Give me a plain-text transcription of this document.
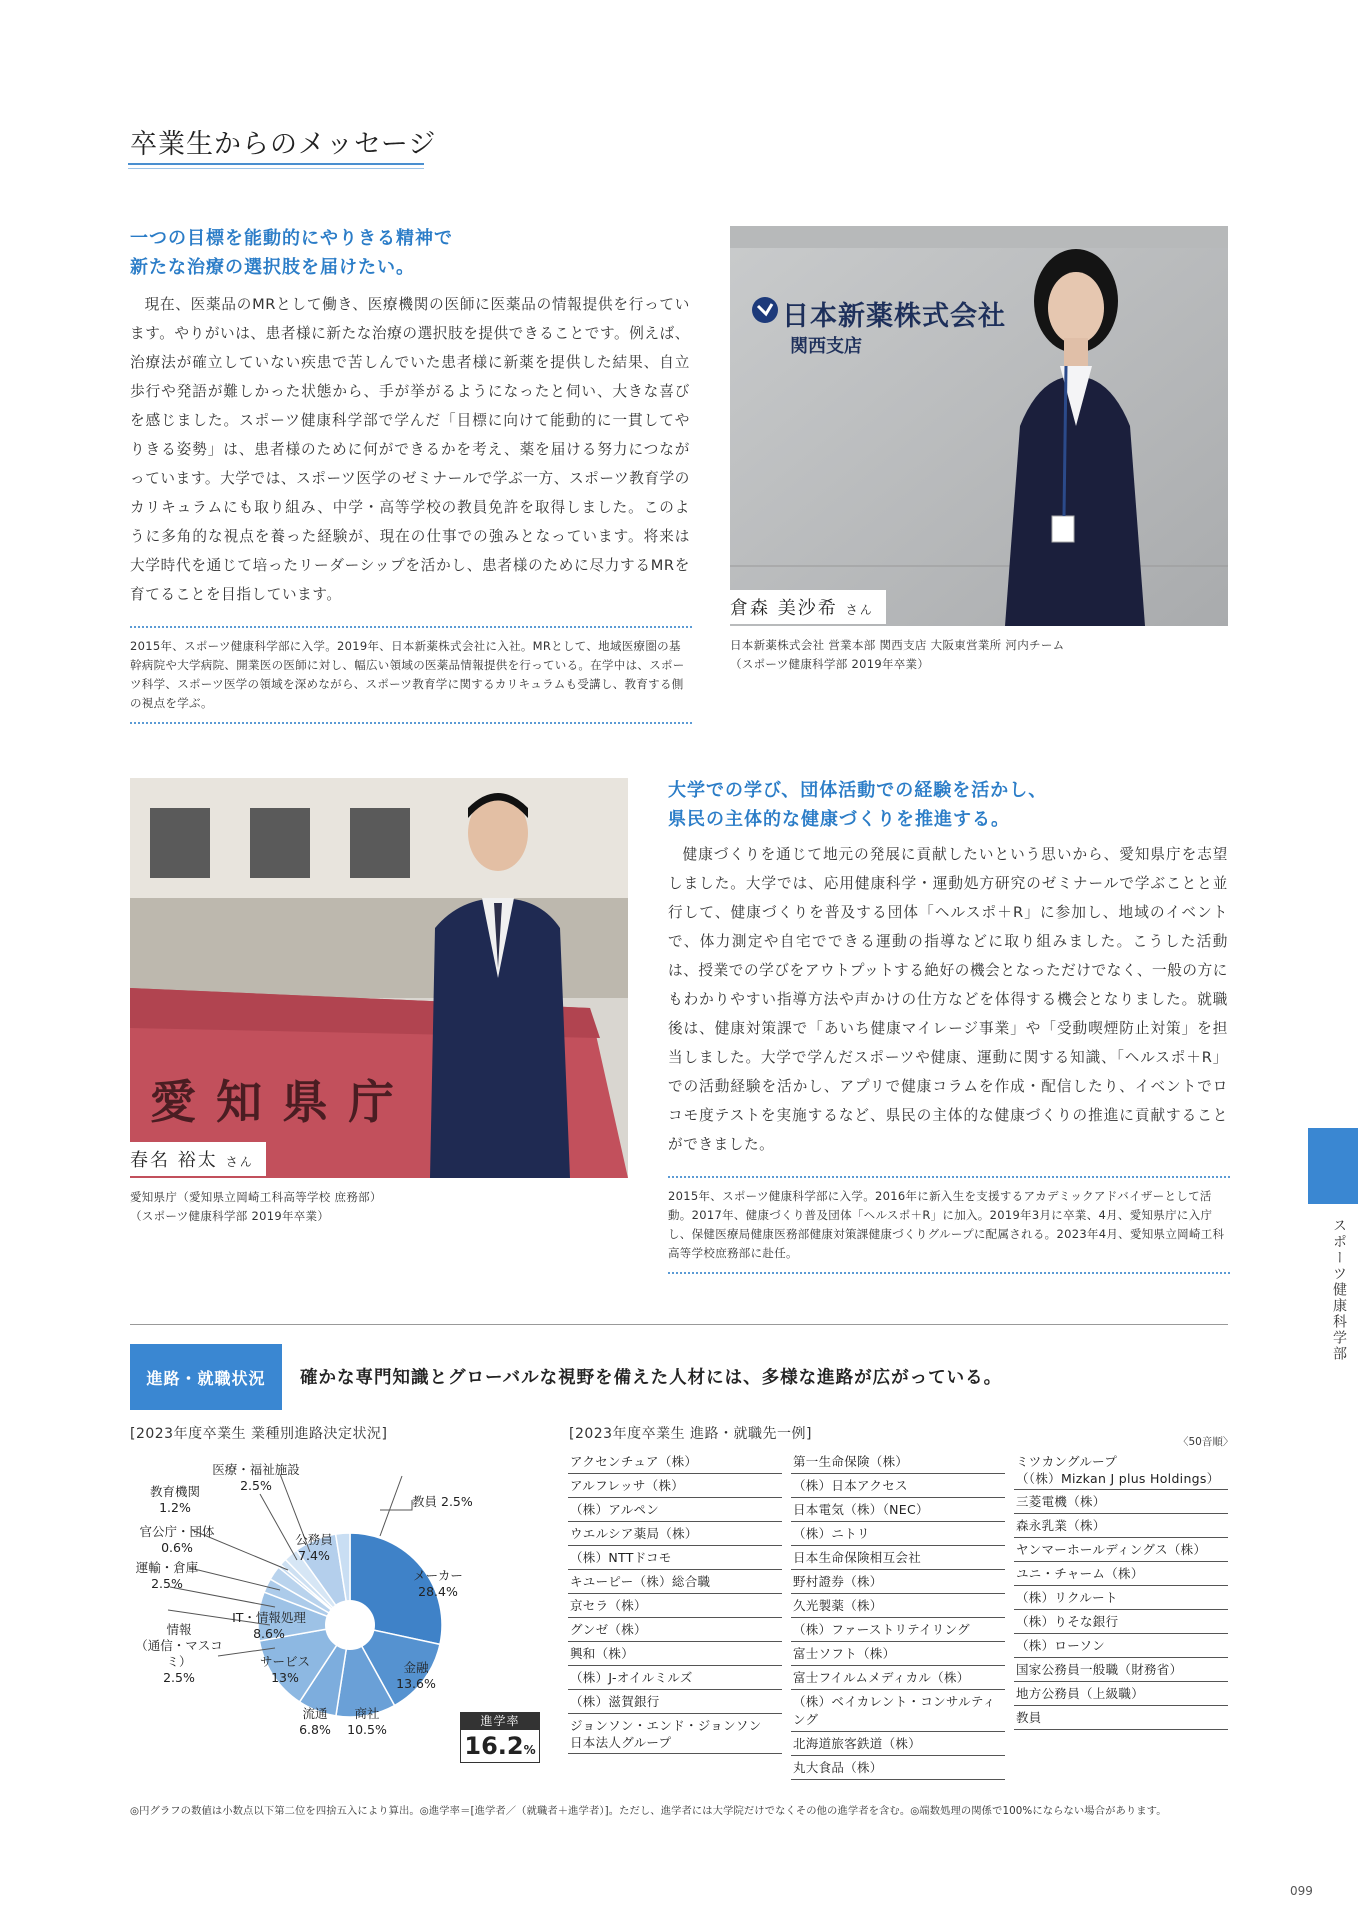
卒業生からのメッセージ
一つの目標を能動的にやりきる精神で
新たな治療の選択肢を届けたい。
現在、医薬品のMRとして働き、医療機関の医師に医薬品の情報提供を行っています。やりがいは、患者様に新たな治療の選択肢を提供できることです。例えば、治療法が確立していない疾患で苦しんでいた患者様に新薬を提供した結果、自立歩行や発語が難しかった状態から、手が挙がるようになったと伺い、大きな喜びを感じました。スポーツ健康科学部で学んだ「目標に向けて能動的に一貫してやりきる姿勢」は、患者様のために何ができるかを考え、薬を届ける努力につながっています。大学では、スポーツ医学のゼミナールで学ぶ一方、スポーツ教育学のカリキュラムにも取り組み、中学・高等学校の教員免許を取得しました。このように多角的な視点を養った経験が、現在の仕事での強みとなっています。将来は大学時代を通じて培ったリーダーシップを活かし、患者様のために尽力するMRを育てることを目指しています。
2015年、スポーツ健康科学部に入学。2019年、日本新薬株式会社に入社。MRとして、地域医療圏の基幹病院や大学病院、開業医の医師に対し、幅広い領域の医薬品情報提供を行っている。在学中は、スポーツ科学、スポーツ医学の領域を深めながら、スポーツ教育学に関するカリキュラムも受講し、教育する側の視点を学ぶ。
日本新薬株式会社
関西支店
倉森 美沙希 さん
日本新薬株式会社 営業本部 関西支店 大阪東営業所 河内チーム
（スポーツ健康科学部 2019年卒業）
愛知県庁
春名 裕太 さん
愛知県庁（愛知県立岡崎工科高等学校 庶務部）
（スポーツ健康科学部 2019年卒業）
大学での学び、団体活動での経験を活かし、
県民の主体的な健康づくりを推進する。
健康づくりを通じて地元の発展に貢献したいという思いから、愛知県庁を志望しました。大学では、応用健康科学・運動処方研究のゼミナールで学ぶことと並行して、健康づくりを普及する団体「ヘルスポ＋R」に参加し、地域のイベントで、体力測定や自宅でできる運動の指導などに取り組みました。こうした活動は、授業での学びをアウトプットする絶好の機会となっただけでなく、一般の方にもわかりやすい指導方法や声かけの仕方などを体得する機会となりました。就職後は、健康対策課で「あいち健康マイレージ事業」や「受動喫煙防止対策」を担当しました。大学で学んだスポーツや健康、運動に関する知識、「ヘルスポ＋R」での活動経験を活かし、アプリで健康コラムを作成・配信したり、イベントでロコモ度テストを実施するなど、県民の主体的な健康づくりの推進に貢献することができました。
2015年、スポーツ健康科学部に入学。2016年に新入生を支援するアカデミックアドバイザーとして活動。2017年、健康づくり普及団体「ヘルスポ＋R」に加入。2019年3月に卒業、4月、愛知県庁に入庁し、保健医療局健康医務部健康対策課健康づくりグループに配属される。2023年4月、愛知県立岡崎工科高等学校庶務部に赴任。	スポーツ健康科学部
進路・就職状況	確かな専門知識とグローバルな視野を備えた人材には、多様な進路が広がっている。
[2023年度卒業生 業種別進路決定状況]
メーカー
28.4%
金融
13.6%
商社
10.5%
流通
6.8%
サービス
13%
IT・情報処理
8.6%
情報
（通信・マスコミ）
2.5%
運輸・倉庫
2.5%
官公庁・団体
0.6%
教育機関
1.2%
医療・福祉施設
2.5%
公務員
7.4%
教員 2.5%
進学率
16.2%
[2023年度卒業生 進路・就職先一例]	〈50音順〉
アクセンチュア（株）
アルフレッサ（株）
（株）アルペン
ウエルシア薬局（株）
（株）NTTドコモ
キユーピー（株）総合職
京セラ（株）
グンゼ（株）
興和（株）
（株）J-オイルミルズ
（株）滋賀銀行
ジョンソン・エンド・ジョンソン
日本法人グループ
第一生命保険（株）
（株）日本アクセス
日本電気（株）（NEC）
（株）ニトリ
日本生命保険相互会社
野村證券（株）
久光製薬（株）
（株）ファーストリテイリング
富士ソフト（株）
富士フイルムメディカル（株）
（株）ベイカレント・コンサルティング
北海道旅客鉄道（株）
丸大食品（株）
ミツカングループ
（（株）Mizkan J plus Holdings）
三菱電機（株）
森永乳業（株）
ヤンマーホールディングス（株）
ユニ・チャーム（株）
（株）リクルート
（株）りそな銀行
（株）ローソン
国家公務員一般職（財務省）
地方公務員（上級職）
教員
◎円グラフの数値は小数点以下第二位を四捨五入により算出。◎進学率＝[進学者／（就職者＋進学者）]。ただし、進学者には大学院だけでなくその他の進学者を含む。◎端数処理の関係で100%にならない場合があります。
099
